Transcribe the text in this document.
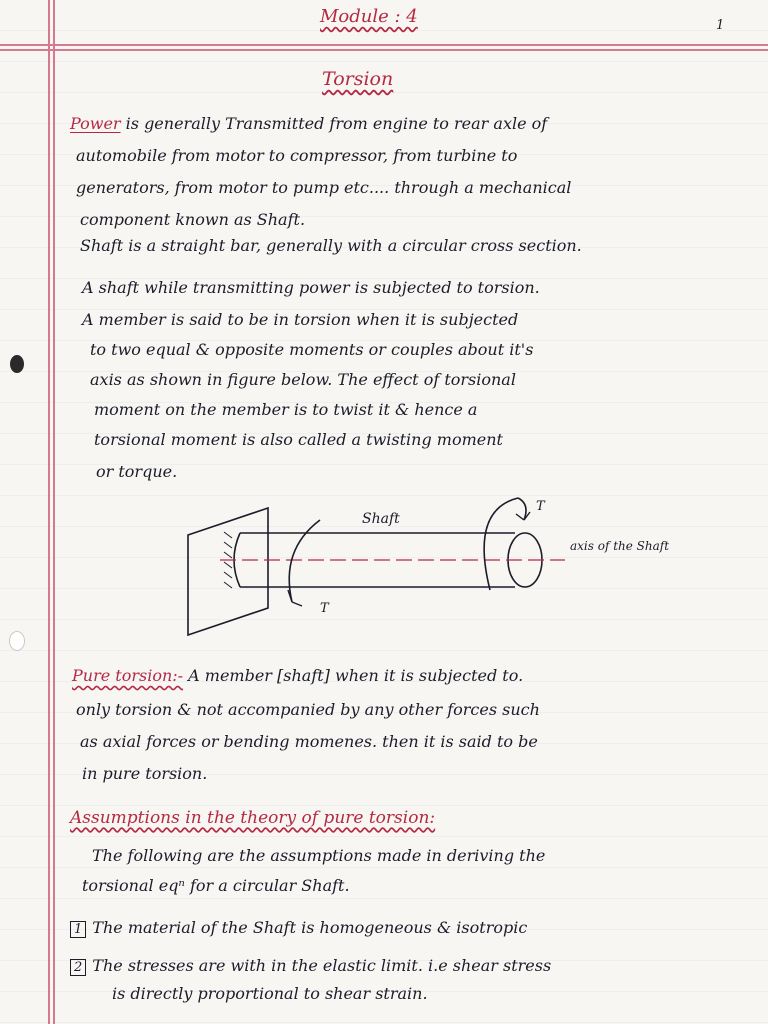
Module : 4	1
Torsion
Power is generally Transmitted from engine to rear axle of
automobile from motor to compressor, from turbine to
generators, from motor to pump etc.... through a mechanical
component known as Shaft.
Shaft is a straight bar, generally with a circular cross section.
A shaft while transmitting power is subjected to torsion.
A member is said to be in torsion when it is subjected
to two equal & opposite moments or couples about it's
axis as shown in figure below. The effect of torsional
moment on the member is to twist it & hence a
torsional moment is also called a twisting moment
or torque.
Shaft
T
T
axis of the Shaft
Pure torsion:- A member [shaft] when it is subjected to.
only torsion & not accompanied by any other forces such
as axial forces or bending momenes. then it is said to be
in pure torsion.
Assumptions in the theory of pure torsion:
The following are the assumptions made in deriving the
torsional eqⁿ for a circular Shaft.
1 The material of the Shaft is homogeneous & isotropic
2 The stresses are with in the elastic limit. i.e shear stress
is directly proportional to shear strain.
